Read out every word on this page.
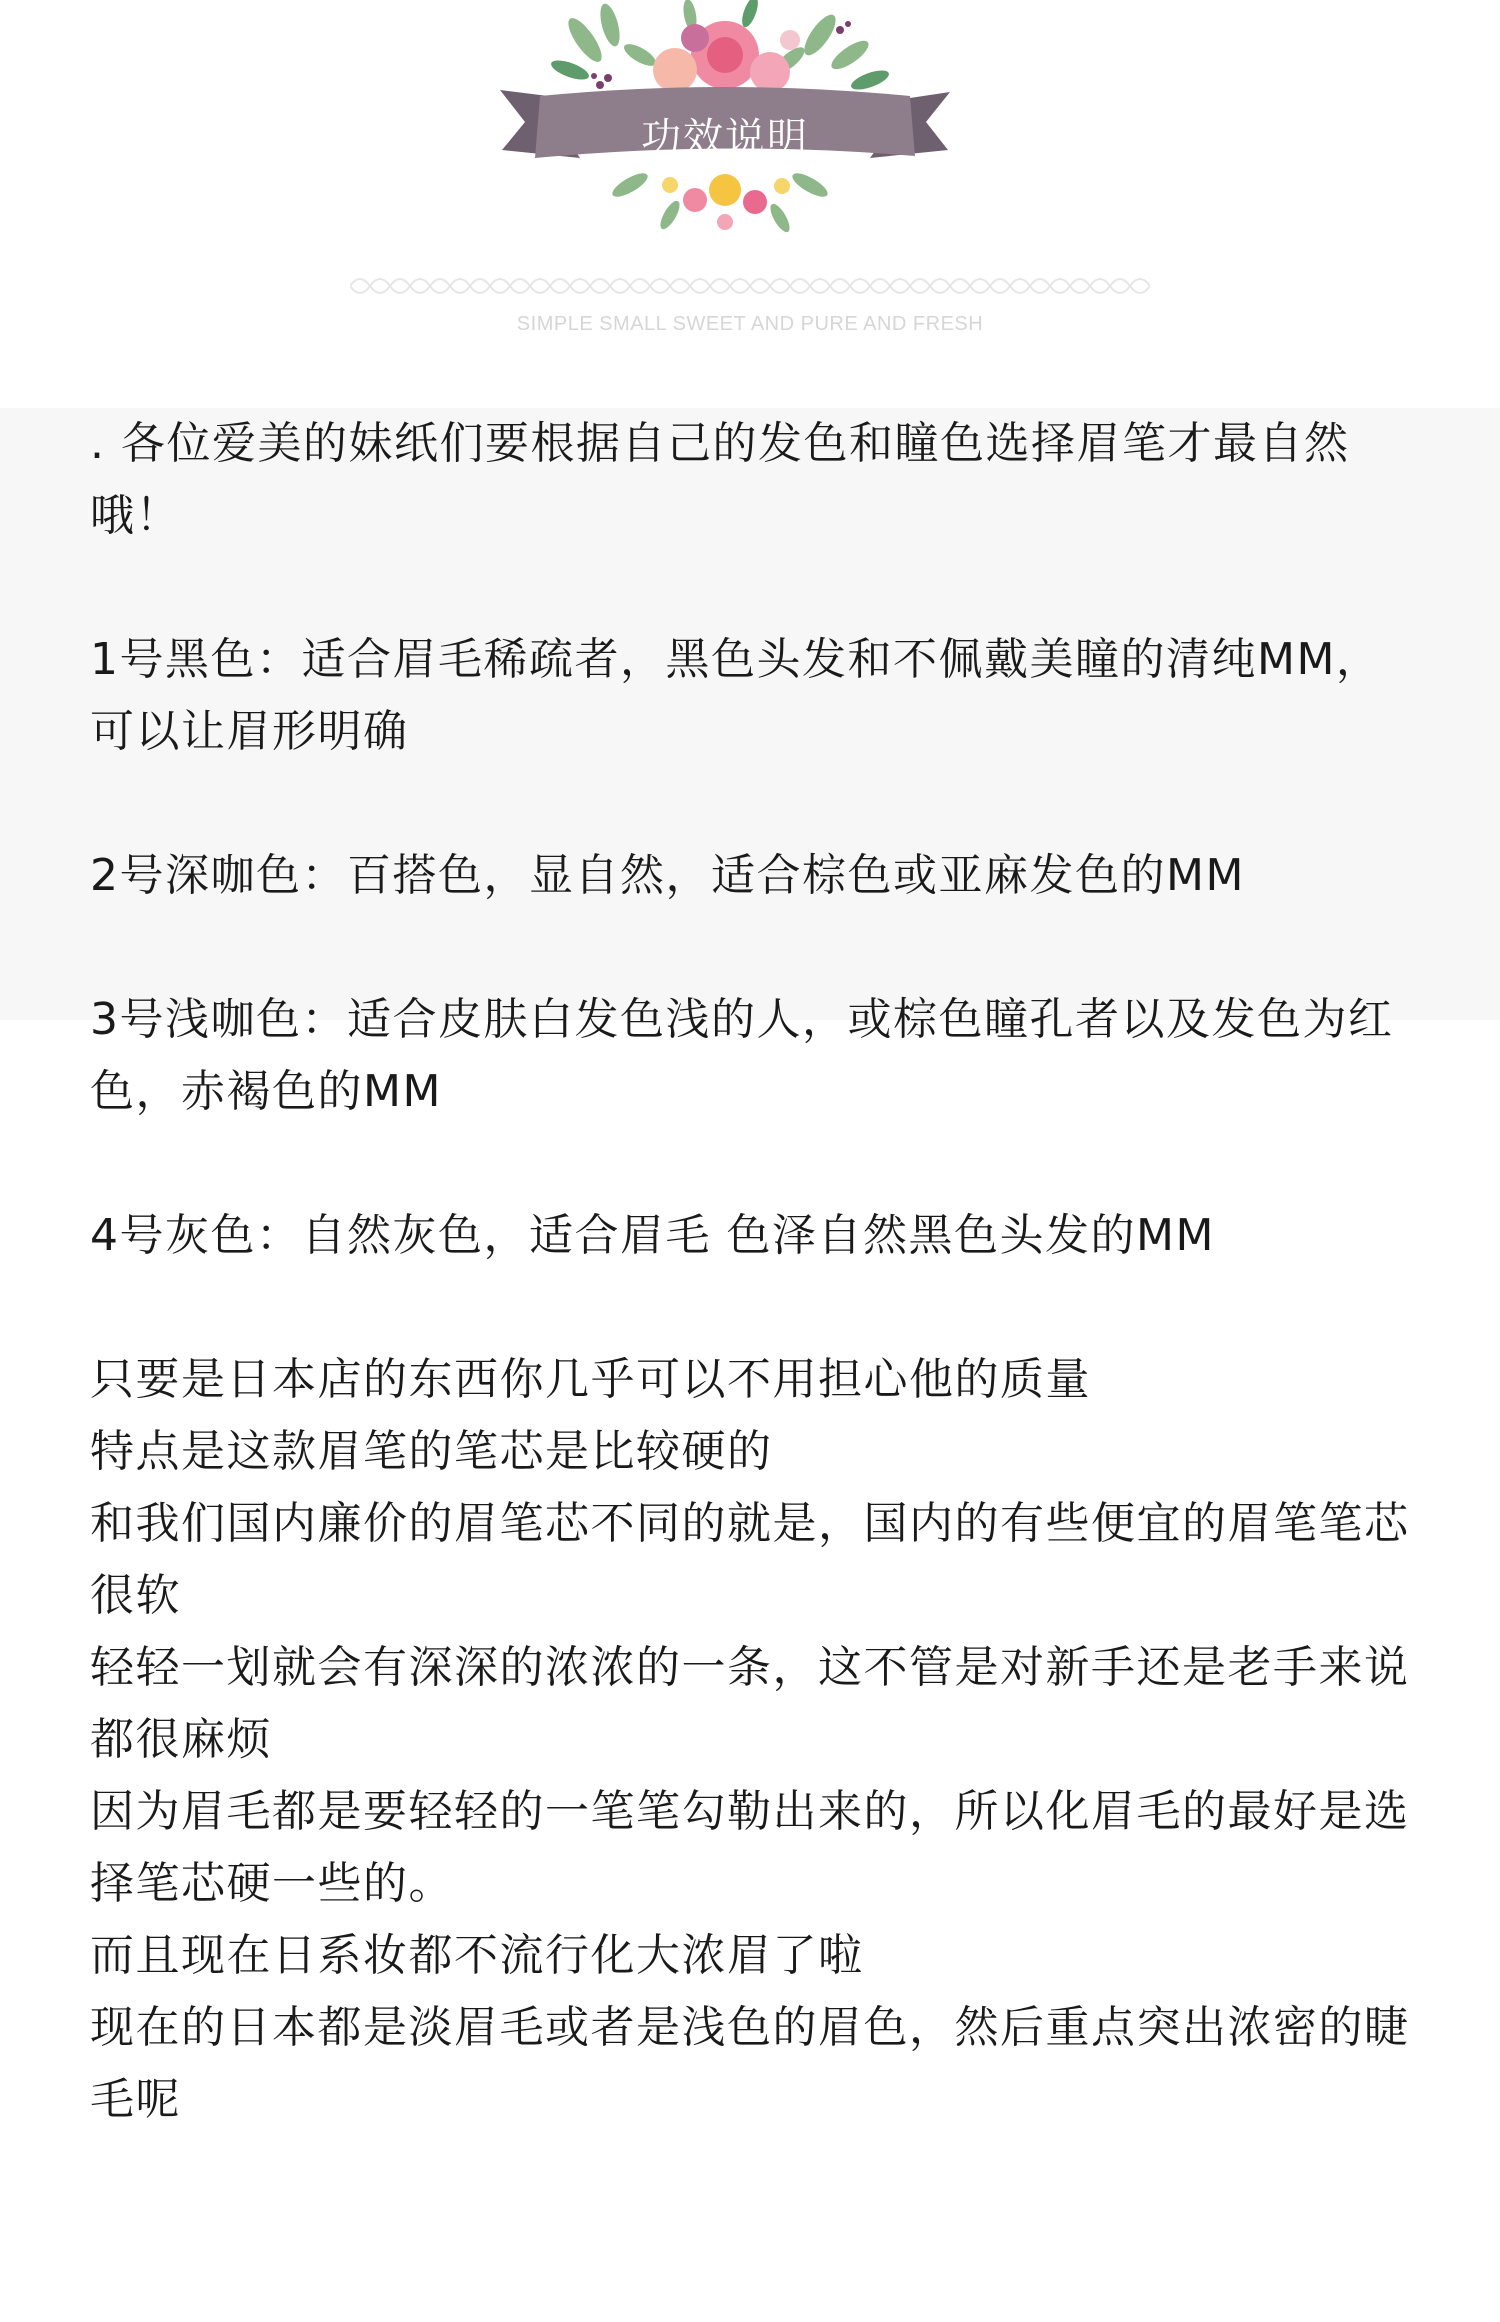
功效说明
SIMPLE SMALL SWEET AND PURE AND FRESH

. 各位爱美的妹纸们要根据自己的发色和瞳色选择眉笔才最自然哦！

1号黑色：适合眉毛稀疏者，黑色头发和不佩戴美瞳的清纯MM，可以让眉形明确

2号深咖色：百搭色，显自然，适合棕色或亚麻发色的MM

3号浅咖色：适合皮肤白发色浅的人，或棕色瞳孔者以及发色为红色，赤褐色的MM

4号灰色：自然灰色，适合眉毛 色泽自然黑色头发的MM

只要是日本店的东西你几乎可以不用担心他的质量

特点是这款眉笔的笔芯是比较硬的

和我们国内廉价的眉笔芯不同的就是，国内的有些便宜的眉笔笔芯很软

轻轻一划就会有深深的浓浓的一条，这不管是对新手还是老手来说都很麻烦

因为眉毛都是要轻轻的一笔笔勾勒出来的，所以化眉毛的最好是选择笔芯硬一些的。

而且现在日系妆都不流行化大浓眉了啦

现在的日本都是淡眉毛或者是浅色的眉色，然后重点突出浓密的睫毛呢
